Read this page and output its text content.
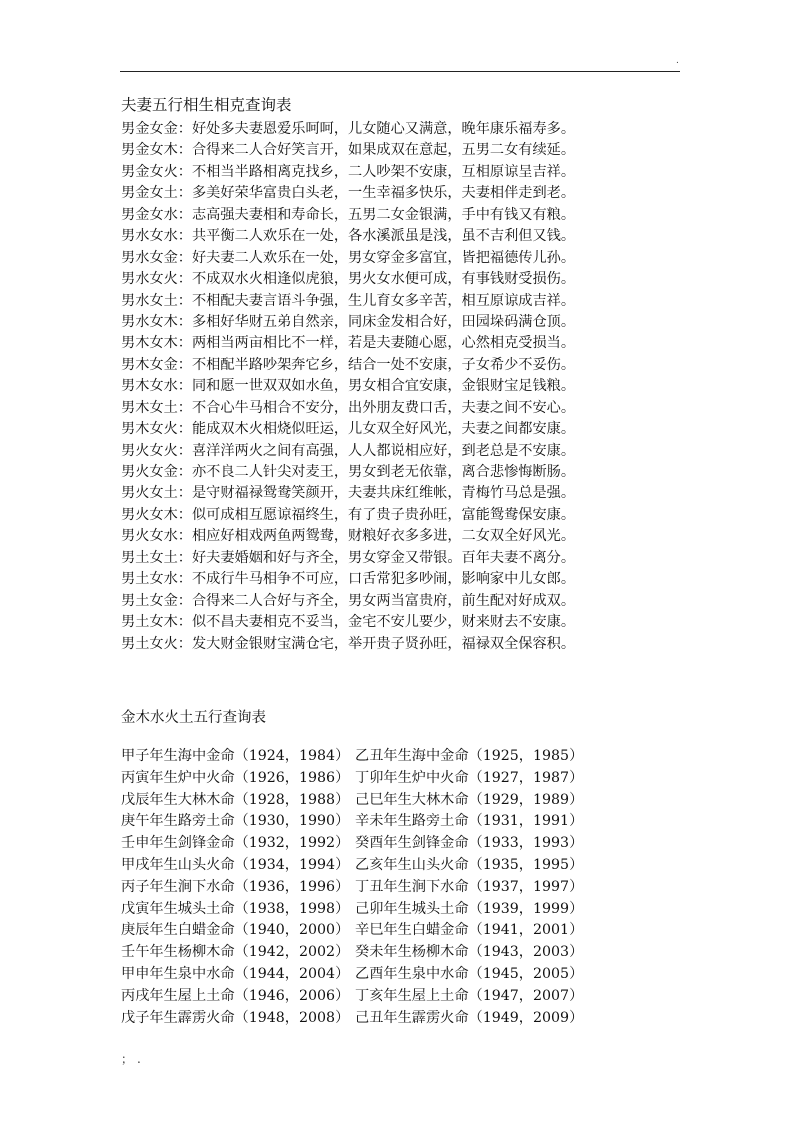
.
夫妻五行相生相克查询表
男金女金：好处多夫妻恩爱乐呵呵，儿女随心又满意，晚年康乐福寿多。
男金女木：合得来二人合好笑言开，如果成双在意起，五男二女有续延。
男金女火：不相当半路相离克找乡，二人吵架不安康，互相原谅呈吉祥。
男金女土：多美好荣华富贵白头老，一生幸福多快乐，夫妻相伴走到老。
男金女水：志高强夫妻相和寿命长，五男二女金银满，手中有钱又有粮。
男水女水：共平衡二人欢乐在一处，各水溪派虽是浅，虽不吉利但又钱。
男水女金：好夫妻二人欢乐在一处，男女穿金多富宜，皆把福德传儿孙。
男水女火：不成双水火相逢似虎狼，男火女水便可成，有事钱财受损伤。
男水女土：不相配夫妻言语斗争强，生儿育女多辛苦，相互原谅成吉祥。
男水女木：多相好华财五弟自然亲，同床金发相合好，田园垛码满仓顶。
男木女木：两相当两亩相比不一样，若是夫妻随心愿，心然相克受损当。
男木女金：不相配半路吵架奔它乡，结合一处不安康，子女希少不妥伤。
男木女水：同和愿一世双双如水鱼，男女相合宜安康，金银财宝足钱粮。
男木女土：不合心牛马相合不安分，出外朋友费口舌，夫妻之间不安心。
男木女火：能成双木火相烧似旺运，儿女双全好风光，夫妻之间都安康。
男火女火：喜洋洋两火之间有高强，人人都说相应好，到老总是不安康。
男火女金：亦不良二人针尖对麦王，男女到老无依靠，离合悲惨悔断肠。
男火女土：是守财福禄鸳鸯笑颜开，夫妻共床红维帐，青梅竹马总是强。
男火女木：似可成相互愿谅福终生，有了贵子贵孙旺，富能鸳鸯保安康。
男火女水：相应好相戏两鱼两鸳鸯，财粮好衣多多进，二女双全好风光。
男土女土：好夫妻婚姻和好与齐全，男女穿金又带银。百年夫妻不离分。
男土女水：不成行牛马相争不可应，口舌常犯多吵闹，影响家中儿女郎。
男土女金：合得来二人合好与齐全，男女两当富贵府，前生配对好成双。
男土女木：似不昌夫妻相克不妥当，金宅不安儿要少，财来财去不安康。
男土女火：发大财金银财宝满仓宅，举开贵子贤孙旺，福禄双全保容积。
金木水火土五行查询表
甲子年生海中金命（1924，1984） 乙丑年生海中金命（1925，1985）
丙寅年生炉中火命（1926，1986） 丁卯年生炉中火命（1927，1987）
戊辰年生大林木命（1928，1988） 己巳年生大林木命（1929，1989）
庚午年生路旁土命（1930，1990） 辛未年生路旁土命（1931，1991）
壬申年生剑锋金命（1932，1992） 癸酉年生剑锋金命（1933，1993）
甲戌年生山头火命（1934，1994） 乙亥年生山头火命（1935，1995）
丙子年生涧下水命（1936，1996） 丁丑年生涧下水命（1937，1997）
戊寅年生城头土命（1938，1998） 己卯年生城头土命（1939，1999）
庚辰年生白蜡金命（1940，2000） 辛巳年生白蜡金命（1941，2001）
壬午年生杨柳木命（1942，2002） 癸未年生杨柳木命（1943，2003）
甲申年生泉中水命（1944，2004） 乙酉年生泉中水命（1945，2005）
丙戌年生屋上土命（1946，2006） 丁亥年生屋上土命（1947，2007）
戊子年生霹雳火命（1948，2008） 己丑年生霹雳火命（1949，2009）
；.
